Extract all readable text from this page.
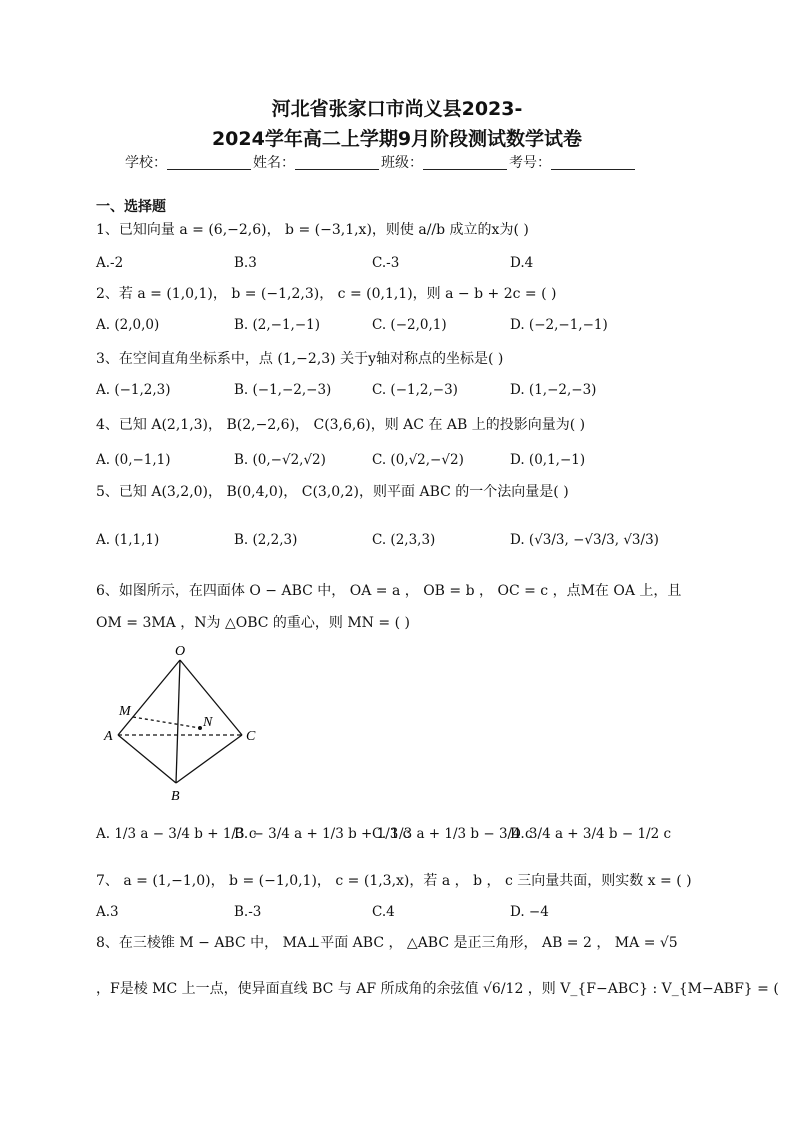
河北省张家口市尚义县2023-
2024学年高二上学期9月阶段测试数学试卷
学校：	姓名：	班级：	考号：
一、选择题
1、已知向量 a = (6,−2,6)， b = (−3,1,x)，则使 a//b 成立的x为( )
A.-2	B.3	C.-3	D.4
2、若 a = (1,0,1)， b = (−1,2,3)， c = (0,1,1)，则 a − b + 2c = ( )
A. (2,0,0)	B. (2,−1,−1)	C. (−2,0,1)	D. (−2,−1,−1)
3、在空间直角坐标系中，点 (1,−2,3) 关于y轴对称点的坐标是( )
A. (−1,2,3)	B. (−1,−2,−3)	C. (−1,2,−3)	D. (1,−2,−3)
4、已知 A(2,1,3)， B(2,−2,6)， C(3,6,6)，则 AC 在 AB 上的投影向量为( )
A. (0,−1,1)	B. (0,−√2,√2)	C. (0,√2,−√2)	D. (0,1,−1)
5、已知 A(3,2,0)， B(0,4,0)， C(3,0,2)，则平面 ABC 的一个法向量是( )
A. (1,1,1)	B. (2,2,3)	C. (2,3,3)	D. (√3/3, −√3/3, √3/3)
6、如图所示，在四面体 O − ABC 中， OA = a ， OB = b ， OC = c ，点M在 OA 上，且
OM = 3MA ，N为 △OBC 的重心，则 MN = ( )
O
M
N
A	C
B
A. 1/3 a − 3/4 b + 1/3 c
B. − 3/4 a + 1/3 b + 1/3 c
C. 1/3 a + 1/3 b − 3/4 c
D. 3/4 a + 3/4 b − 1/2 c
7、 a = (1,−1,0)， b = (−1,0,1)， c = (1,3,x)，若 a ， b ， c 三向量共面，则实数 x = ( )
A.3	B.-3	C.4	D. −4
8、在三棱锥 M − ABC 中， MA⊥平面 ABC ， △ABC 是正三角形， AB = 2 ， MA = √5
，F是棱 MC 上一点，使异面直线 BC 与 AF 所成角的余弦值 √6/12 ，则 V_{F−ABC} : V_{M−ABF} = (
